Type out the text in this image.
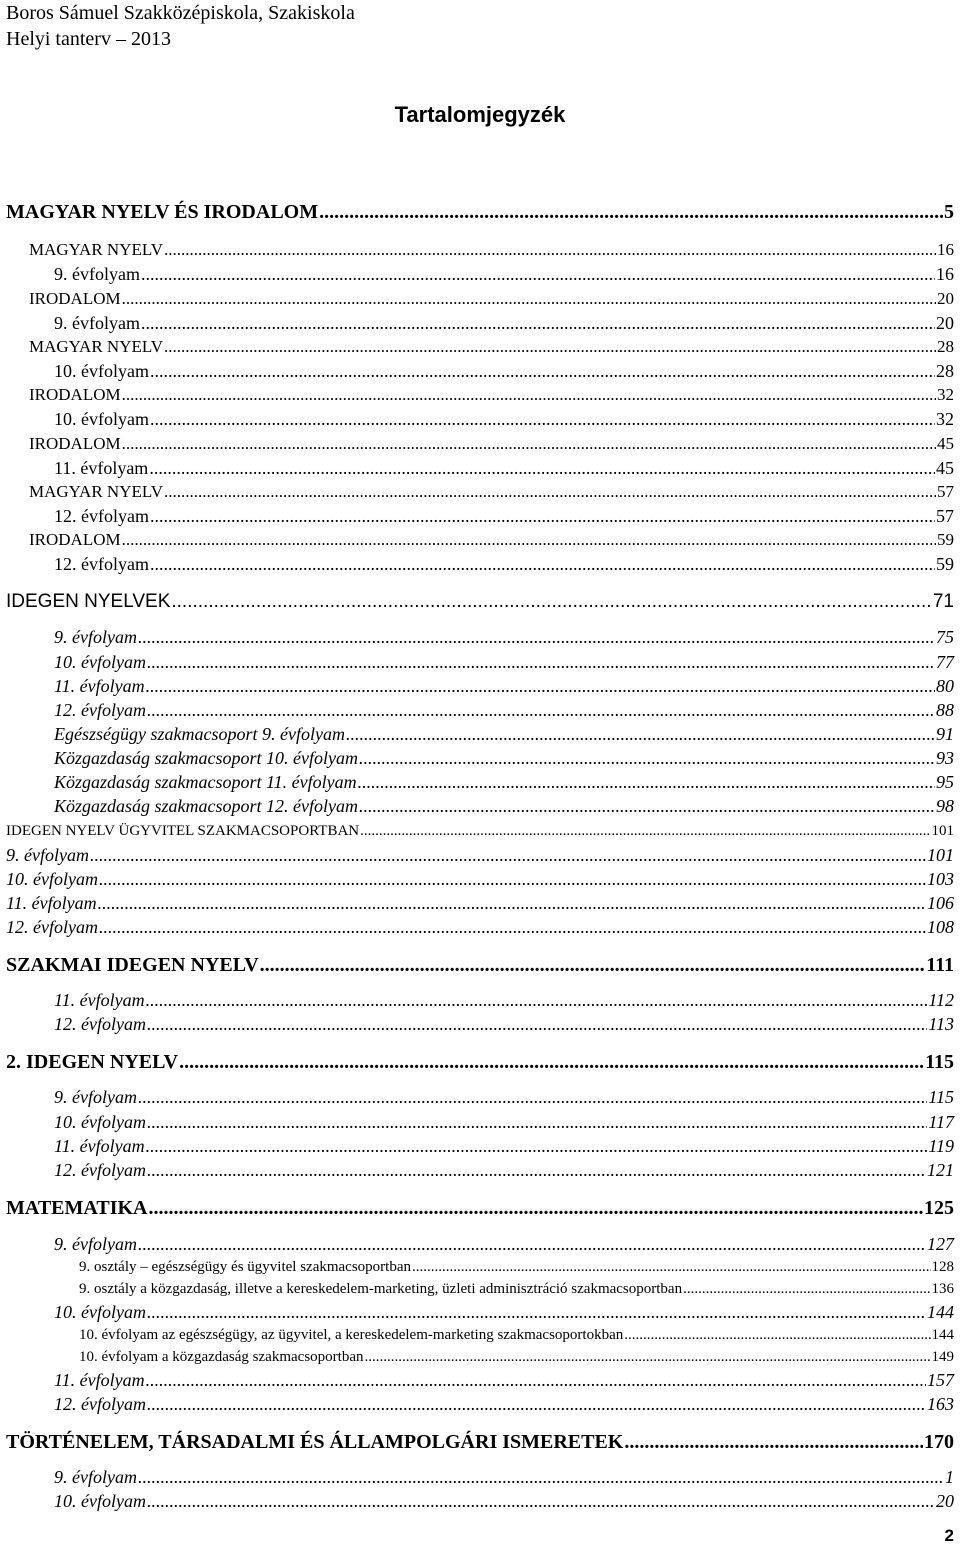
Boros Sámuel Szakközépiskola, Szakiskola
Helyi tanterv – 2013
Tartalomjegyzék
MAGYAR NYELV ÉS IRODALOM .....	5
MAGYAR NYELV .....	16
9. évfolyam .....	16
IRODALOM .....	20
9. évfolyam .....	20
MAGYAR NYELV .....	28
10. évfolyam .....	28
IRODALOM .....	32
10. évfolyam .....	32
IRODALOM .....	45
11. évfolyam .....	45
MAGYAR NYELV .....	57
12. évfolyam .....	57
IRODALOM .....	59
12. évfolyam .....	59
IDEGEN NYELVEK .....	71
9. évfolyam .....	75
10. évfolyam .....	77
11. évfolyam .....	80
12. évfolyam .....	88
Egészségügy szakmacsoport 9. évfolyam .....	91
Közgazdaság szakmacsoport 10. évfolyam .....	93
Közgazdaság szakmacsoport 11. évfolyam .....	95
Közgazdaság szakmacsoport 12. évfolyam .....	98
IDEGEN NYELV ÜGYVITEL SZAKMACSOPORTBAN .....	101
9. évfolyam .....	101
10. évfolyam .....	103
11. évfolyam .....	106
12. évfolyam .....	108
SZAKMAI IDEGEN NYELV .....	111
11. évfolyam .....	112
12. évfolyam .....	113
2. IDEGEN NYELV .....	115
9. évfolyam .....	115
10. évfolyam .....	117
11. évfolyam .....	119
12. évfolyam .....	121
MATEMATIKA .....	125
9. évfolyam .....	127
9. osztály – egészségügy és ügyvitel szakmacsoportban .....	128
9. osztály a közgazdaság, illetve a kereskedelem-marketing, üzleti adminisztráció szakmacsoportban .....	136
10. évfolyam .....	144
10. évfolyam az egészségügy, az ügyvitel, a kereskedelem-marketing szakmacsoportokban .....	144
10. évfolyam a közgazdaság szakmacsoportban .....	149
11. évfolyam .....	157
12. évfolyam .....	163
TÖRTÉNELEM, TÁRSADALMI ÉS ÁLLAMPOLGÁRI ISMERETEK .....	170
9. évfolyam .....	1
10. évfolyam .....	20
2
